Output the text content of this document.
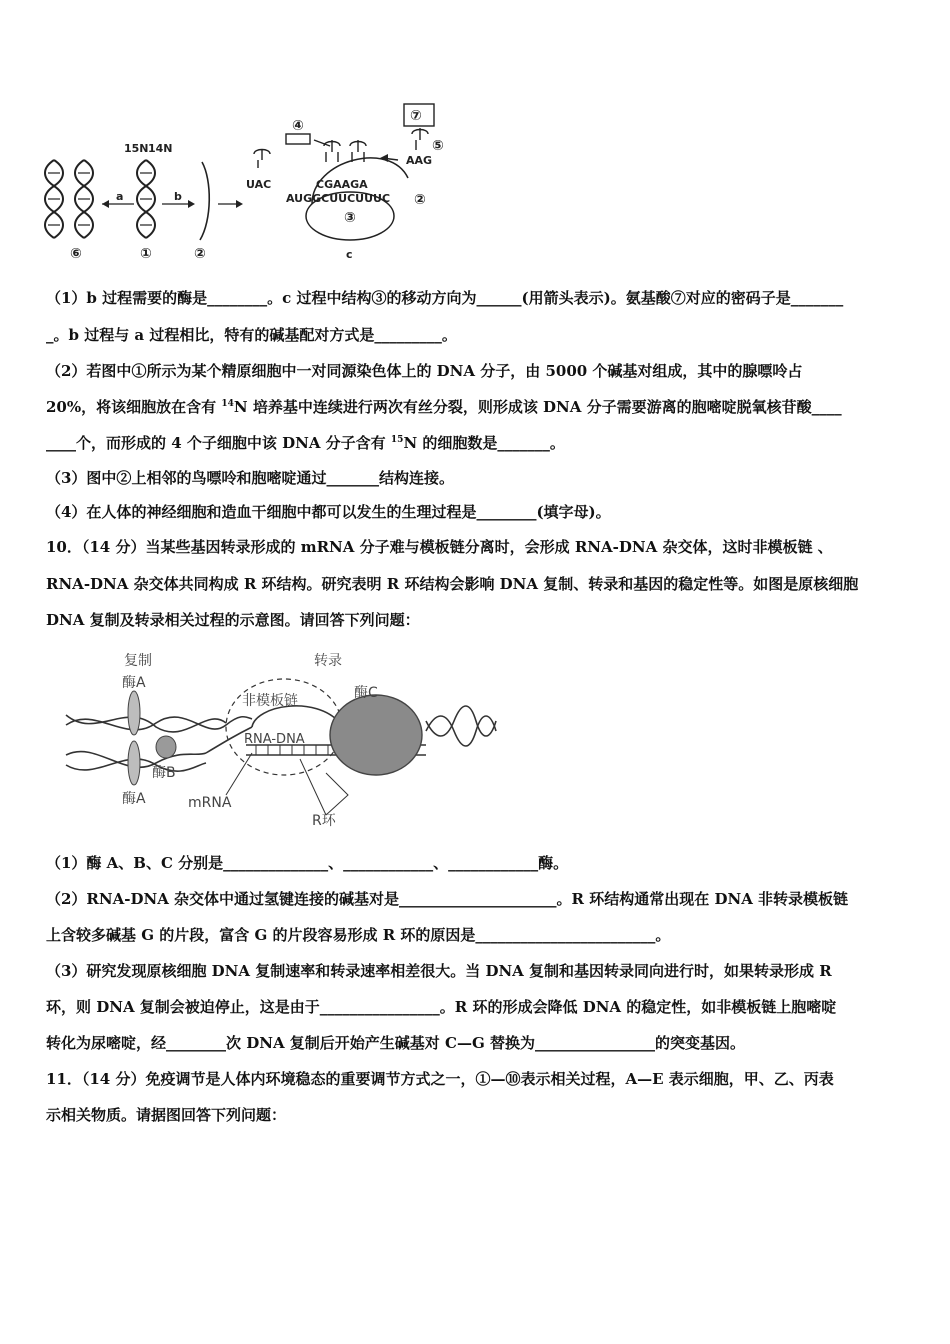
15N 14N
a	b
⑥	①	②
④
⑦
⑤
UAC
AAG
CGAAGA
AUGGCUUCUUUC ②
③
c
（1）b 过程需要的酶是________。c 过程中结构③的移动方向为______(用箭头表示)。氨基酸⑦对应的密码子是_______
_。b 过程与 a 过程相比，特有的碱基配对方式是_________。
（2）若图中①所示为某个精原细胞中一对同源染色体上的 DNA 分子，由 5000 个碱基对组成，其中的腺嘌呤占
20%，将该细胞放在含有 $^{14}$N 培养基中连续进行两次有丝分裂，则形成该 DNA 分子需要游离的胞嘧啶脱氧核苷酸____
____个，而形成的 4 个子细胞中该 DNA 分子含有 $^{15}$N 的细胞数是_______。
（3）图中②上相邻的鸟嘌呤和胞嘧啶通过_______结构连接。
（4）在人体的神经细胞和造血干细胞中都可以发生的生理过程是________(填字母)。
10．（14 分）当某些基因转录形成的 mRNA 分子难与模板链分离时，会形成 RNA-DNA 杂交体，这时非模板链 、
RNA-DNA 杂交体共同构成 R 环结构。研究表明 R 环结构会影响 DNA 复制、转录和基因的稳定性等。如图是原核细胞
DNA 复制及转录相关过程的示意图。请回答下列问题：
复制	转录
酶A
非模板链	酶C
RNA-DNA
酶B
酶A	mRNA
R环
（1）酶 A、B、C 分别是______________、____________、____________酶。
（2）RNA-DNA 杂交体中通过氢键连接的碱基对是_____________________。R 环结构通常出现在 DNA 非转录模板链
上含较多碱基 G 的片段，富含 G 的片段容易形成 R 环的原因是________________________。
（3）研究发现原核细胞 DNA 复制速率和转录速率相差很大。当 DNA 复制和基因转录同向进行时，如果转录形成 R
环，则 DNA 复制会被迫停止，这是由于________________。R 环的形成会降低 DNA 的稳定性，如非模板链上胞嘧啶
转化为尿嘧啶，经________次 DNA 复制后开始产生碱基对 C—G 替换为________________的突变基因。
11．（14 分）免疫调节是人体内环境稳态的重要调节方式之一，①—⑩表示相关过程，A—E 表示细胞，甲、乙、丙表
示相关物质。请据图回答下列问题：
